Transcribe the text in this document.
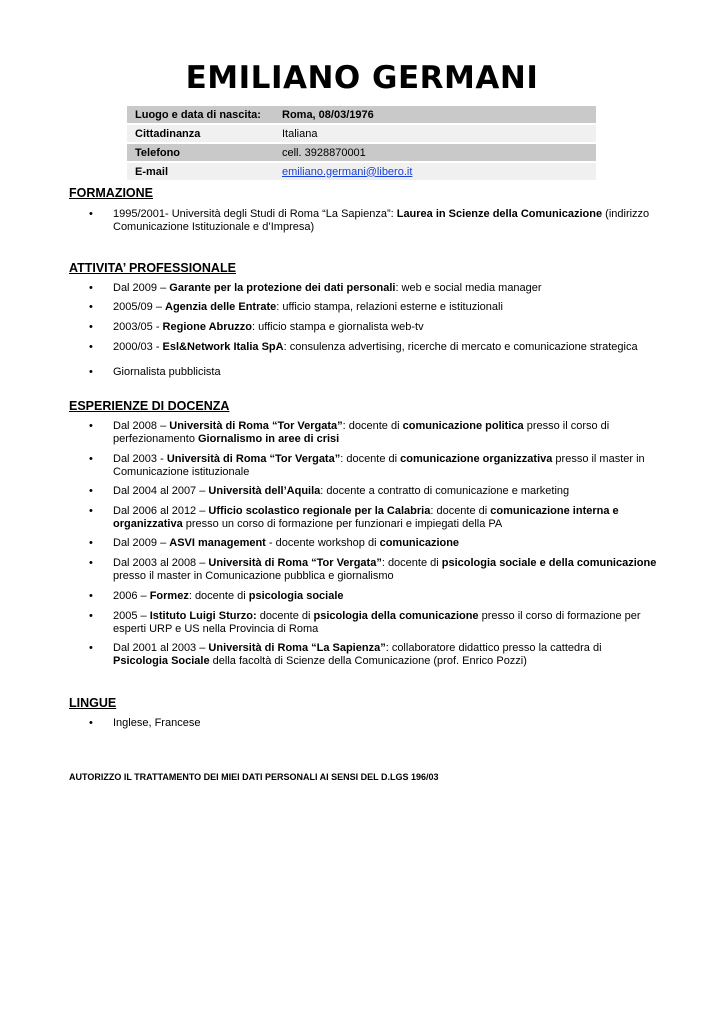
EMILIANO GERMANI
Luogo e data di nascita:	Roma, 08/03/1976
Cittadinanza	Italiana
Telefono	cell. 3928870001
E-mail	emiliano.germani@libero.it
FORMAZIONE
• 1995/2001- Università degli Studi di Roma “La Sapienza”: Laurea in Scienze della Comunicazione (indirizzo Comunicazione Istituzionale e d’Impresa)
ATTIVITA’ PROFESSIONALE
• Dal 2009 – Garante per la protezione dei dati personali: web e social media manager
• 2005/09 – Agenzia delle Entrate: ufficio stampa, relazioni esterne e istituzionali
• 2003/05 - Regione Abruzzo: ufficio stampa e giornalista web-tv
• 2000/03 - Esl&Network Italia SpA: consulenza advertising, ricerche di mercato e comunicazione strategica
• Giornalista pubblicista
ESPERIENZE DI DOCENZA
• Dal 2008 – Università di Roma “Tor Vergata”: docente di comunicazione politica presso il corso di perfezionamento Giornalismo in aree di crisi
• Dal 2003 - Università di Roma “Tor Vergata”: docente di comunicazione organizzativa presso il master in Comunicazione istituzionale
• Dal 2004 al 2007 – Università dell’Aquila: docente a contratto di comunicazione e marketing
• Dal 2006 al 2012 – Ufficio scolastico regionale per la Calabria: docente di comunicazione interna e organizzativa presso un corso di formazione per funzionari e impiegati della PA
• Dal 2009 – ASVI management - docente workshop di comunicazione
• Dal 2003 al 2008 – Università di Roma “Tor Vergata”: docente di psicologia sociale e della comunicazione presso il master in Comunicazione pubblica e giornalismo
• 2006 – Formez: docente di psicologia sociale
• 2005 – Istituto Luigi Sturzo: docente di psicologia della comunicazione presso il corso di formazione per esperti URP e US nella Provincia di Roma
• Dal 2001 al 2003 – Università di Roma “La Sapienza”: collaboratore didattico presso la cattedra di Psicologia Sociale della facoltà di Scienze della Comunicazione (prof. Enrico Pozzi)
LINGUE
• Inglese, Francese
AUTORIZZO IL TRATTAMENTO DEI MIEI DATI PERSONALI AI SENSI DEL D.LGS 196/03
